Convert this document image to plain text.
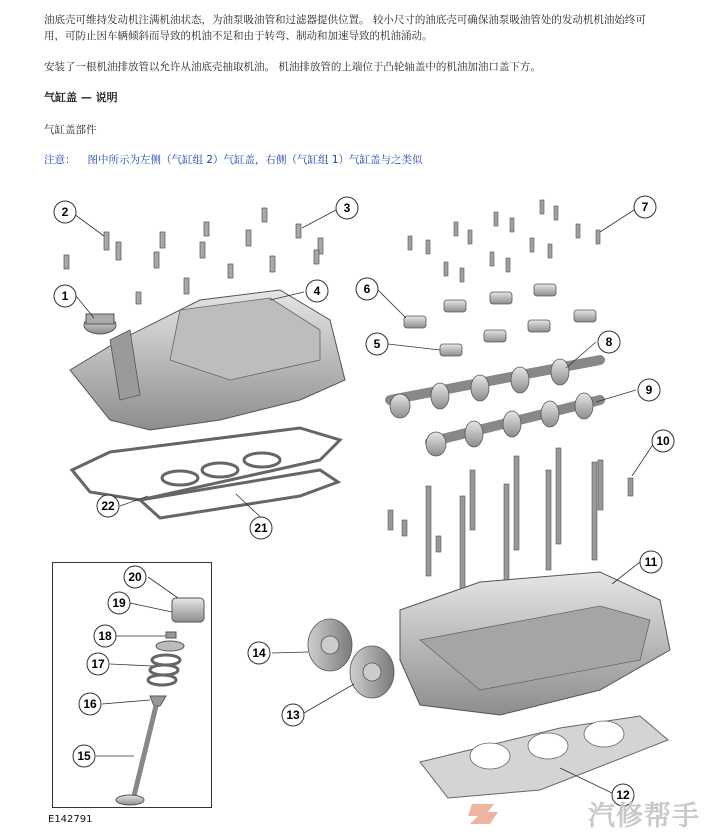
油底壳可维持发动机注满机油状态，为油泵吸油管和过滤器提供位置。 较小尺寸的油底壳可确保油泵吸油管处的发动机机油始终可用，可防止因车辆倾斜而导致的机油不足和由于转弯、制动和加速导致的机油涌动。
安装了一根机油排放管以允许从油底壳抽取机油。 机油排放管的上端位于凸轮轴盖中的机油加油口盖下方。
气缸盖 — 说明
气缸盖部件
注意： 图中所示为左侧（气缸组 2）气缸盖，右侧（气缸组 1）气缸盖与之类似
1
2	3
4
5
6
7
8
9
10
11
12
13
14
15
16
17
18
19
20
21
22
E142791	汽修帮手
